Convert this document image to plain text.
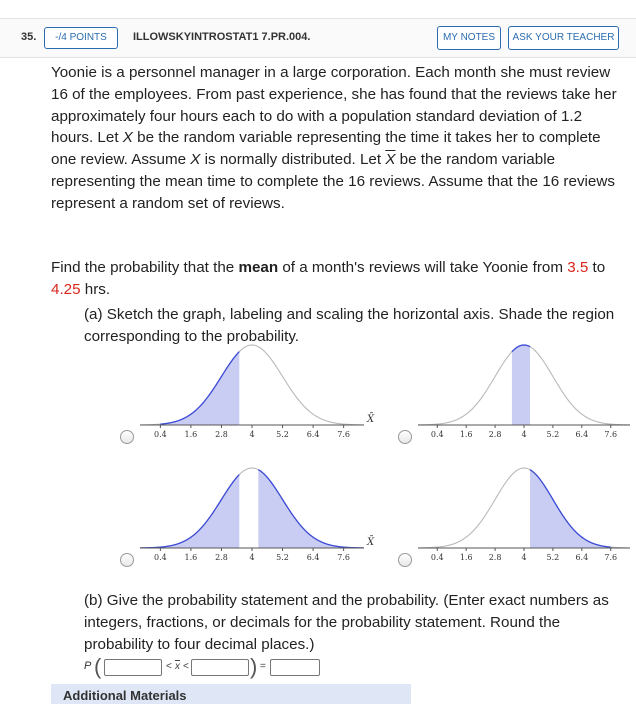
35.	-/4 POINTS	ILLOWSKYINTROSTAT1 7.PR.004.	MY NOTES	ASK YOUR TEACHER
Yoonie is a personnel manager in a large corporation. Each month she must review 16 of the employees. From past experience, she has found that the reviews take her approximately four hours each to do with a population standard deviation of 1.2 hours. Let X be the random variable representing the time it takes her to complete one review. Assume X is normally distributed. Let $\overline{X}$ be the random variable representing the mean time to complete the 16 reviews. Assume that the 16 reviews represent a random set of reviews.
Find the probability that the mean of a month's reviews will take Yoonie from 3.5 to 4.25 hrs.
(a) Sketch the graph, labeling and scaling the horizontal axis. Shade the region corresponding to the probability.
0.4 1.6 2.8	4	5.2 6.4 7.6
X̄
0.4 1.6 2.8 4 5.2 6.4 7.6
0.4 1.6 2.8	4	5.2 6.4 7.6
X̄
0.4 1.6 2.8 4 5.2 6.4 7.6
(b) Give the probability statement and the probability. (Enter exact numbers as integers, fractions, or decimals for the probability statement. Round the probability to four decimal places.)
P (	< $\overline{x}$ <	) =
Additional Materials
